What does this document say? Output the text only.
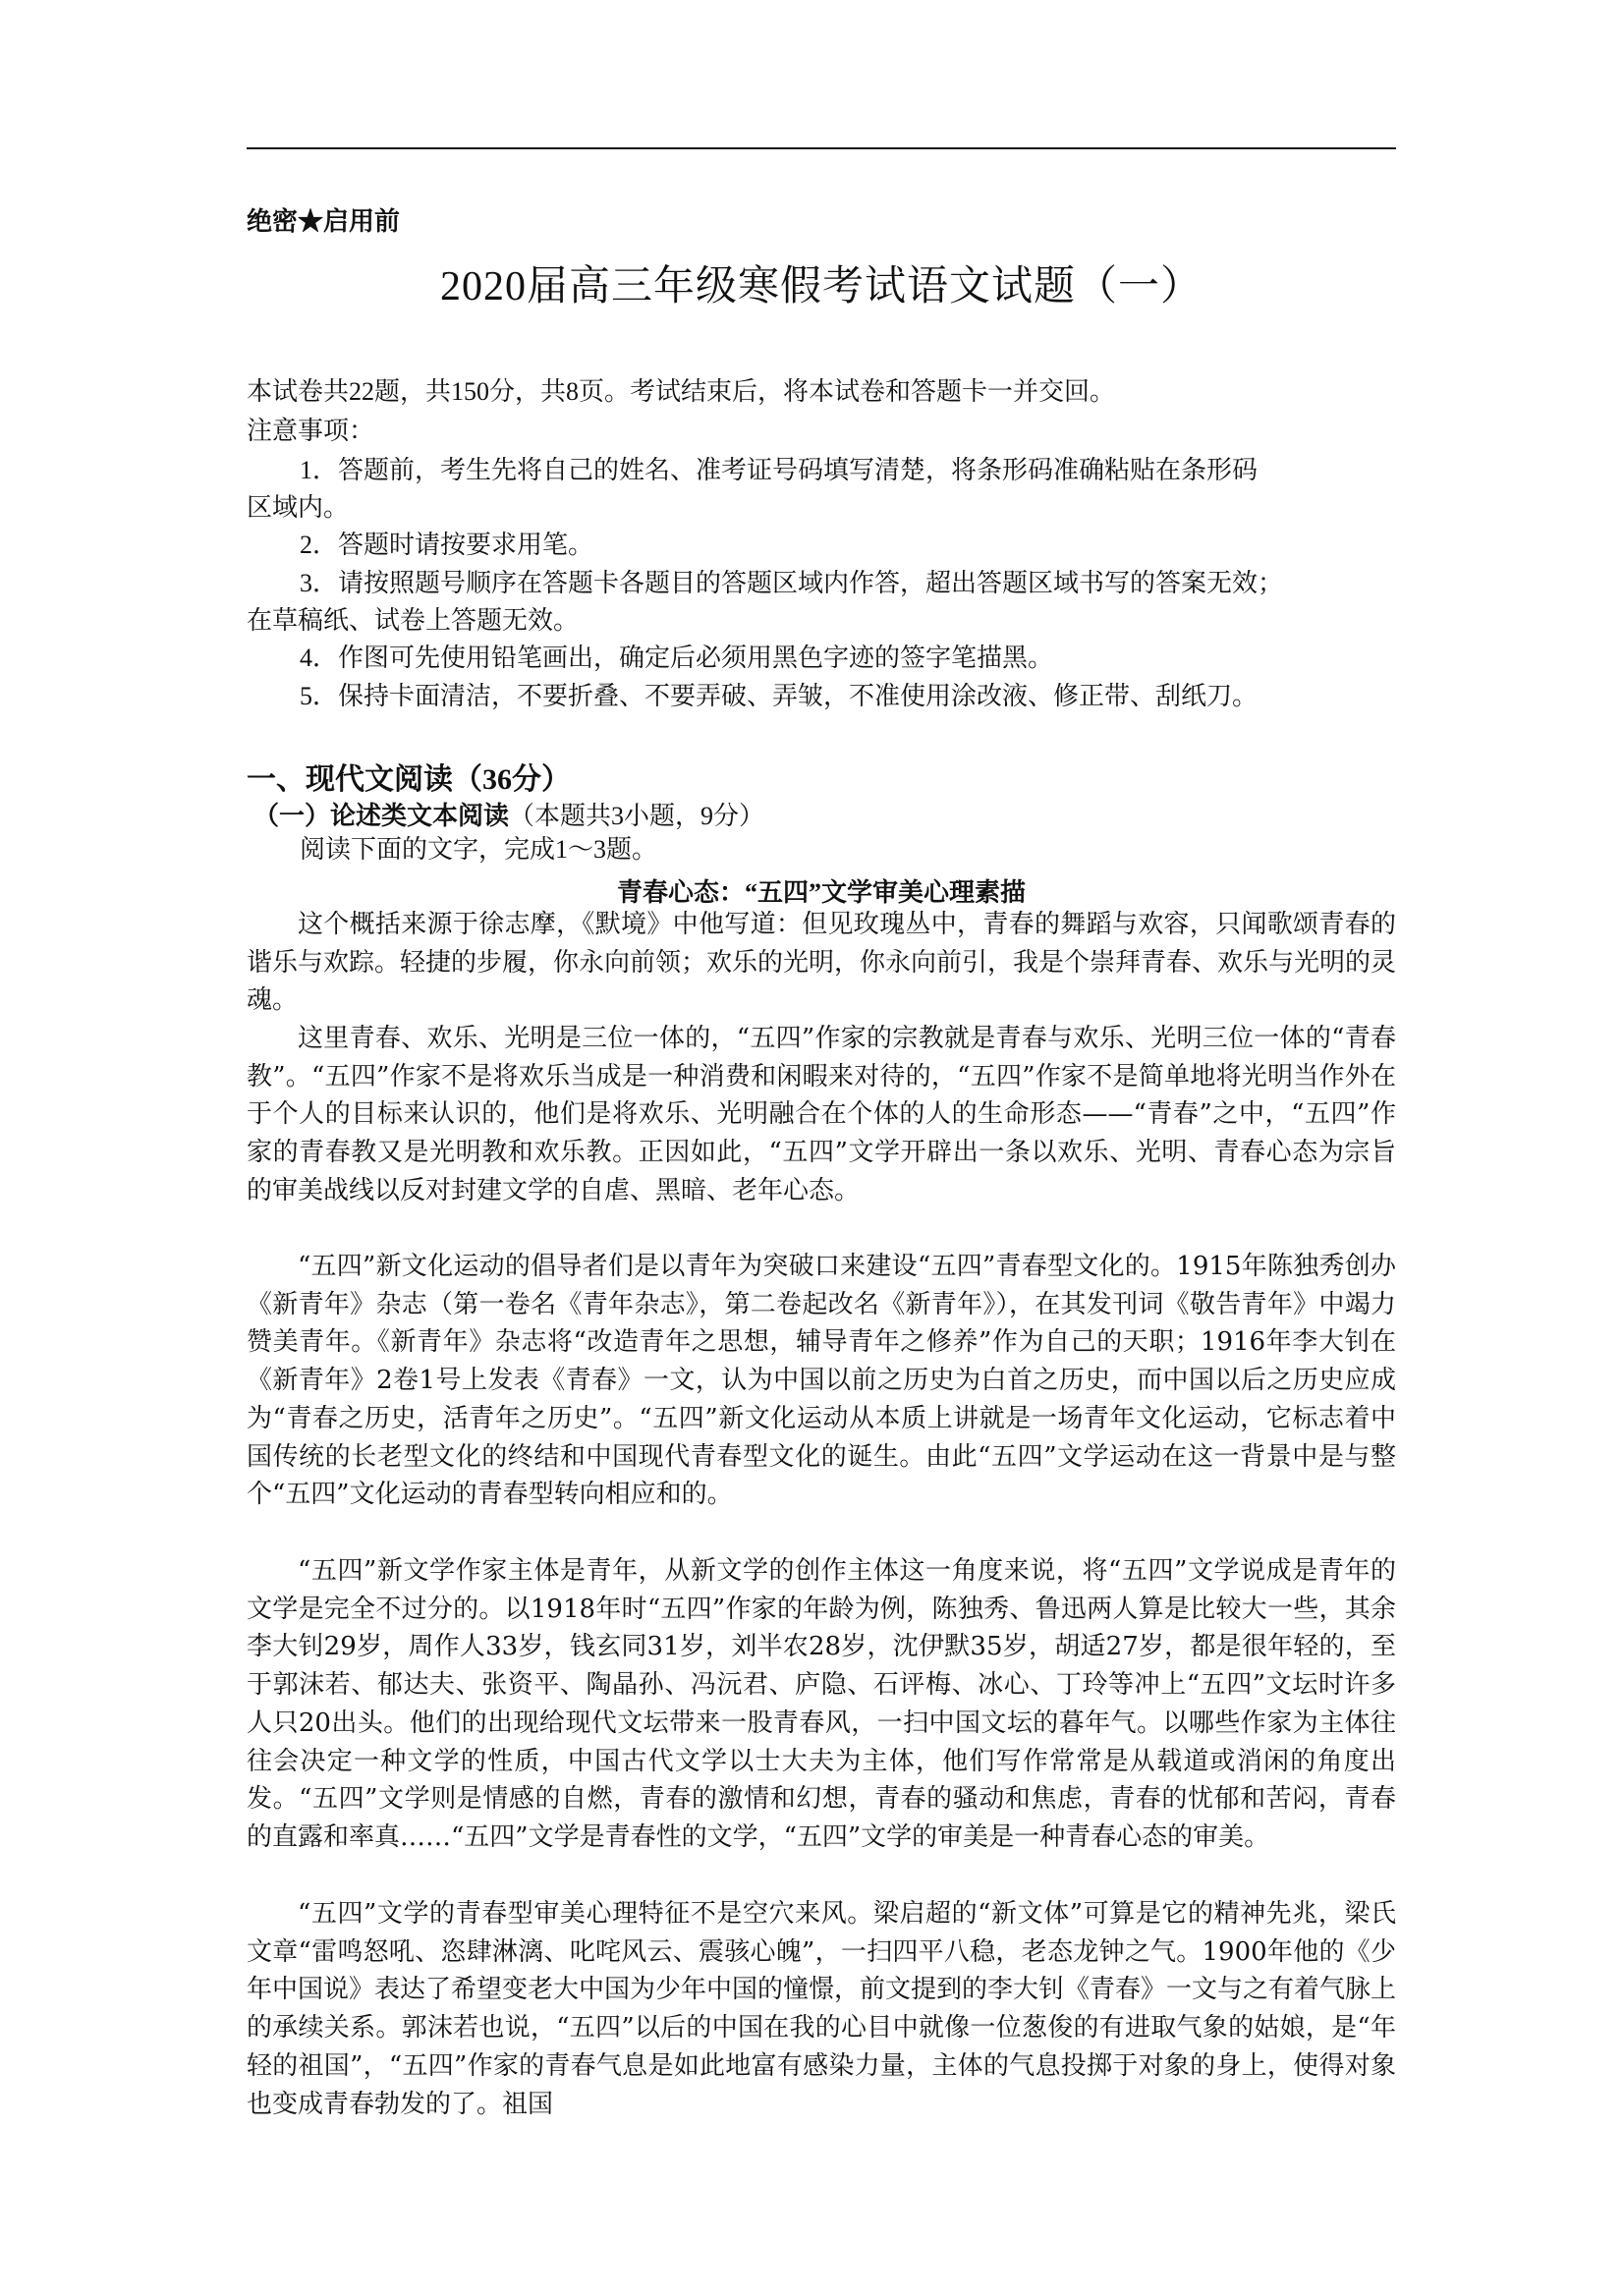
绝密★启用前
2020届高三年级寒假考试语文试题（一）
本试卷共22题，共150分，共8页。考试结束后，将本试卷和答题卡一并交回。
注意事项：
1．答题前，考生先将自己的姓名、准考证号码填写清楚，将条形码准确粘贴在条形码
区域内。
2．答题时请按要求用笔。
3．请按照题号顺序在答题卡各题目的答题区域内作答，超出答题区域书写的答案无效；
在草稿纸、试卷上答题无效。
4．作图可先使用铅笔画出，确定后必须用黑色字迹的签字笔描黑。
5．保持卡面清洁，不要折叠、不要弄破、弄皱，不准使用涂改液、修正带、刮纸刀。
一、现代文阅读（36分）
（一）论述类文本阅读（本题共3小题，9分）
阅读下面的文字，完成1～3题。
青春心态：“五四”文学审美心理素描

这个概括来源于徐志摩，《默境》中他写道：但见玫瑰丛中，青春的舞蹈与欢容，只闻歌颂青春的谐乐与欢踪。轻捷的步履，你永向前领；欢乐的光明，你永向前引，我是个崇拜青春、欢乐与光明的灵魂。

这里青春、欢乐、光明是三位一体的，“五四”作家的宗教就是青春与欢乐、光明三位一体的“青春教”。“五四”作家不是将欢乐当成是一种消费和闲暇来对待的，“五四”作家不是简单地将光明当作外在于个人的目标来认识的，他们是将欢乐、光明融合在个体的人的生命形态——“青春”之中，“五四”作家的青春教又是光明教和欢乐教。正因如此，“五四”文学开辟出一条以欢乐、光明、青春心态为宗旨的审美战线以反对封建文学的自虐、黑暗、老年心态。

“五四”新文化运动的倡导者们是以青年为突破口来建设“五四”青春型文化的。1915年陈独秀创办《新青年》杂志（第一卷名《青年杂志》，第二卷起改名《新青年》），在其发刊词《敬告青年》中竭力赞美青年。《新青年》杂志将“改造青年之思想，辅导青年之修养”作为自己的天职；1916年李大钊在《新青年》2卷1号上发表《青春》一文，认为中国以前之历史为白首之历史，而中国以后之历史应成为“青春之历史，活青年之历史”。“五四”新文化运动从本质上讲就是一场青年文化运动，它标志着中国传统的长老型文化的终结和中国现代青春型文化的诞生。由此“五四”文学运动在这一背景中是与整个“五四”文化运动的青春型转向相应和的。

“五四”新文学作家主体是青年，从新文学的创作主体这一角度来说，将“五四”文学说成是青年的文学是完全不过分的。以1918年时“五四”作家的年龄为例，陈独秀、鲁迅两人算是比较大一些，其余李大钊29岁，周作人33岁，钱玄同31岁，刘半农28岁，沈伊默35岁，胡适27岁，都是很年轻的，至于郭沫若、郁达夫、张资平、陶晶孙、冯沅君、庐隐、石评梅、冰心、丁玲等冲上“五四”文坛时许多人只20出头。他们的出现给现代文坛带来一股青春风，一扫中国文坛的暮年气。以哪些作家为主体往往会决定一种文学的性质，中国古代文学以士大夫为主体，他们写作常常是从载道或消闲的角度出发。“五四”文学则是情感的自燃，青春的激情和幻想，青春的骚动和焦虑，青春的忧郁和苦闷，青春的直露和率真……“五四”文学是青春性的文学，“五四”文学的审美是一种青春心态的审美。

“五四”文学的青春型审美心理特征不是空穴来风。梁启超的“新文体”可算是它的精神先兆，梁氏文章“雷鸣怒吼、恣肆淋漓、叱咤风云、震骇心魄”，一扫四平八稳，老态龙钟之气。1900年他的《少年中国说》表达了希望变老大中国为少年中国的憧憬，前文提到的李大钊《青春》一文与之有着气脉上的承续关系。郭沫若也说，“五四”以后的中国在我的心目中就像一位葱俊的有进取气象的姑娘，是“年轻的祖国”，“五四”作家的青春气息是如此地富有感染力量，主体的气息投掷于对象的身上，使得对象也变成青春勃发的了。祖国
